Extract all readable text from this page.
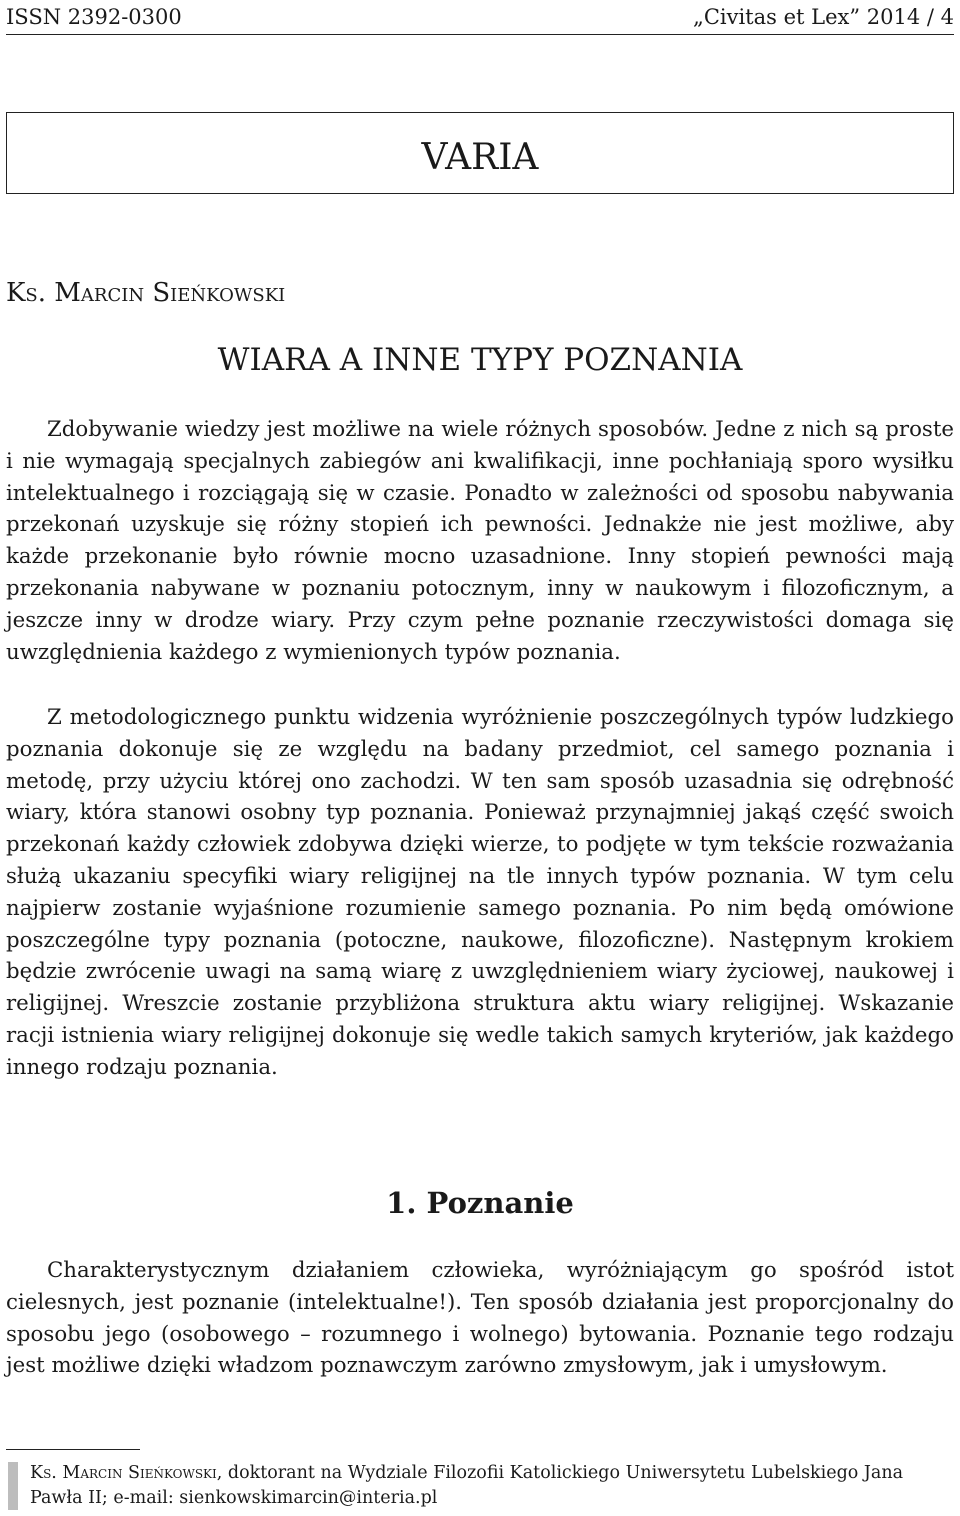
ISSN 2392-0300	„Civitas et Lex” 2014 / 4
VARIA
Ks. Marcin Sieńkowski
WIARA A INNE TYPY POZNANIA
Zdobywanie wiedzy jest możliwe na wiele różnych sposobów. Jedne z nich są proste i nie wymagają specjalnych zabiegów ani kwalifikacji, inne pochłaniają sporo wysiłku intelektualnego i rozciągają się w czasie. Ponadto w zależności od sposobu nabywania przekonań uzyskuje się różny stopień ich pewności. Jednakże nie jest możliwe, aby każde przekonanie było równie mocno uzasadnione. Inny stopień pewności mają przekonania nabywane w poznaniu potocznym, inny w naukowym i filozoficznym, a jeszcze inny w drodze wiary. Przy czym pełne poznanie rzeczywistości domaga się uwzględnienia każdego z wymienionych typów poznania.
Z metodologicznego punktu widzenia wyróżnienie poszczególnych typów ludzkiego poznania dokonuje się ze względu na badany przedmiot, cel samego poznania i metodę, przy użyciu której ono zachodzi. W ten sam sposób uzasadnia się odrębność wiary, która stanowi osobny typ poznania. Ponieważ przynajmniej jakąś część swoich przekonań każdy człowiek zdobywa dzięki wierze, to podjęte w tym tekście rozważania służą ukazaniu specyfiki wiary religijnej na tle innych typów poznania. W tym celu najpierw zostanie wyjaśnione rozumienie samego poznania. Po nim będą omówione poszczególne typy poznania (potoczne, naukowe, filozoficzne). Następnym krokiem będzie zwrócenie uwagi na samą wiarę z uwzględnieniem wiary życiowej, naukowej i religijnej. Wreszcie zostanie przybliżona struktura aktu wiary religijnej. Wskazanie racji istnienia wiary religijnej dokonuje się wedle takich samych kryteriów, jak każdego innego rodzaju poznania.
1. Poznanie
Charakterystycznym działaniem człowieka, wyróżniającym go spośród istot cielesnych, jest poznanie (intelektualne!). Ten sposób działania jest proporcjonalny do sposobu jego (osobowego – rozumnego i wolnego) bytowania. Poznanie tego rodzaju jest możliwe dzięki władzom poznawczym zarówno zmysłowym, jak i umysłowym.
Ks. Marcin Sieńkowski, doktorant na Wydziale Filozofii Katolickiego Uniwersytetu Lubelskiego Jana Pawła II; e-mail: sienkowskimarcin@interia.pl
